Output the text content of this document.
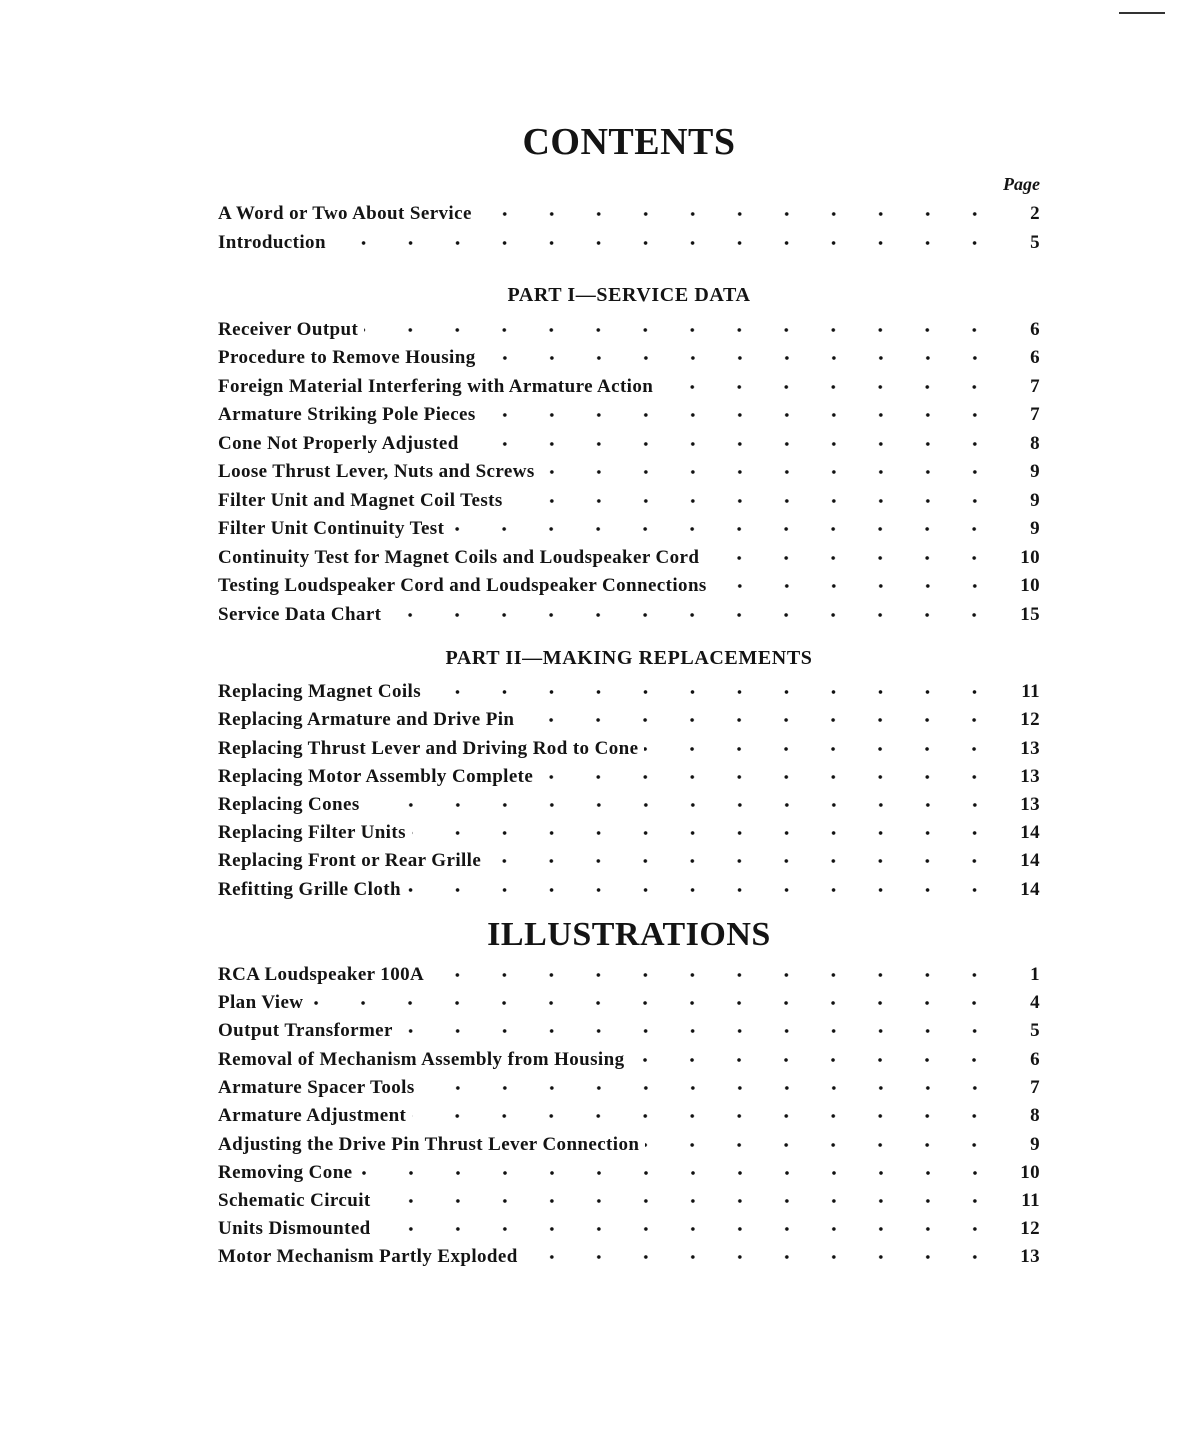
CONTENTS
Page
A Word or Two About Service	2
Introduction	5
PART I—SERVICE DATA
Receiver Output	6
Procedure to Remove Housing	6
Foreign Material Interfering with Armature Action	7
Armature Striking Pole Pieces	7
Cone Not Properly Adjusted	8
Loose Thrust Lever, Nuts and Screws	9
Filter Unit and Magnet Coil Tests	9
Filter Unit Continuity Test	9
Continuity Test for Magnet Coils and Loudspeaker Cord	10
Testing Loudspeaker Cord and Loudspeaker Connections	10
Service Data Chart	15
PART II—MAKING REPLACEMENTS
Replacing Magnet Coils	11
Replacing Armature and Drive Pin	12
Replacing Thrust Lever and Driving Rod to Cone	13
Replacing Motor Assembly Complete	13
Replacing Cones	13
Replacing Filter Units	14
Replacing Front or Rear Grille	14
Refitting Grille Cloth	14
ILLUSTRATIONS
RCA Loudspeaker 100A	1
Plan View	4
Output Transformer	5
Removal of Mechanism Assembly from Housing	6
Armature Spacer Tools	7
Armature Adjustment	8
Adjusting the Drive Pin Thrust Lever Connection	9
Removing Cone	10
Schematic Circuit	11
Units Dismounted	12
Motor Mechanism Partly Exploded	13
